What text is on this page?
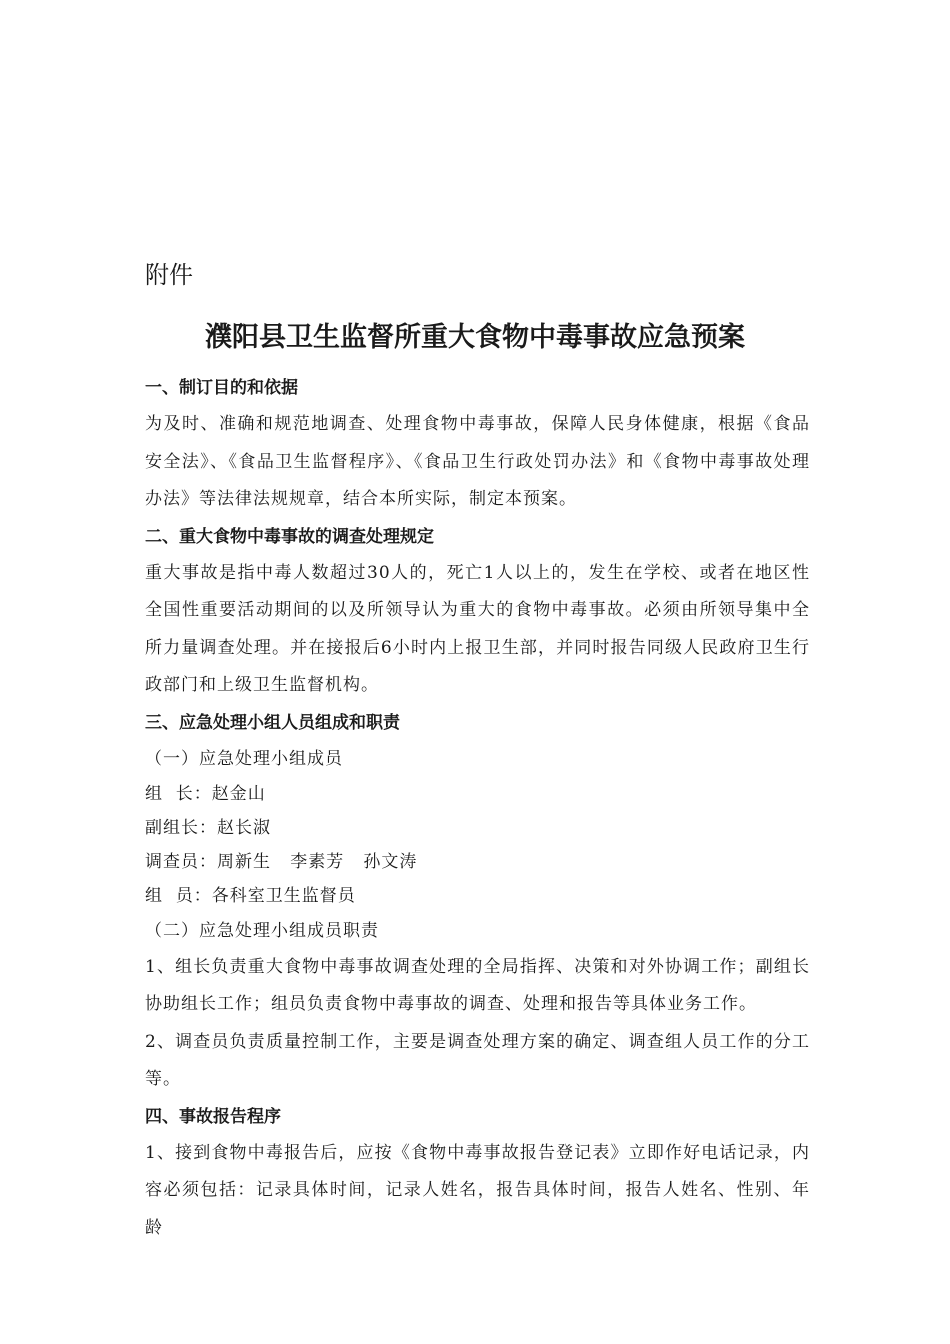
附件
濮阳县卫生监督所重大食物中毒事故应急预案
一、制订目的和依据

为及时、准确和规范地调查、处理食物中毒事故，保障人民身体健康，根据《食品安全法》、《食品卫生监督程序》、《食品卫生行政处罚办法》和《食物中毒事故处理办法》等法律法规规章，结合本所实际，制定本预案。

二、重大食物中毒事故的调查处理规定

重大事故是指中毒人数超过30人的，死亡1人以上的，发生在学校、或者在地区性全国性重要活动期间的以及所领导认为重大的食物中毒事故。必须由所领导集中全所力量调查处理。并在接报后6小时内上报卫生部，并同时报告同级人民政府卫生行政部门和上级卫生监督机构。

三、应急处理小组人员组成和职责

（一）应急处理小组成员

组  长：赵金山

副组长：赵长淑

调查员：周新生   李素芳   孙文涛

组  员：各科室卫生监督员

（二）应急处理小组成员职责

1、组长负责重大食物中毒事故调查处理的全局指挥、决策和对外协调工作；副组长协助组长工作；组员负责食物中毒事故的调查、处理和报告等具体业务工作。

2、调查员负责质量控制工作，主要是调查处理方案的确定、调查组人员工作的分工等。

四、事故报告程序

1、接到食物中毒报告后，应按《食物中毒事故报告登记表》立即作好电话记录，内容必须包括：记录具体时间，记录人姓名，报告具体时间，报告人姓名、性别、年龄
